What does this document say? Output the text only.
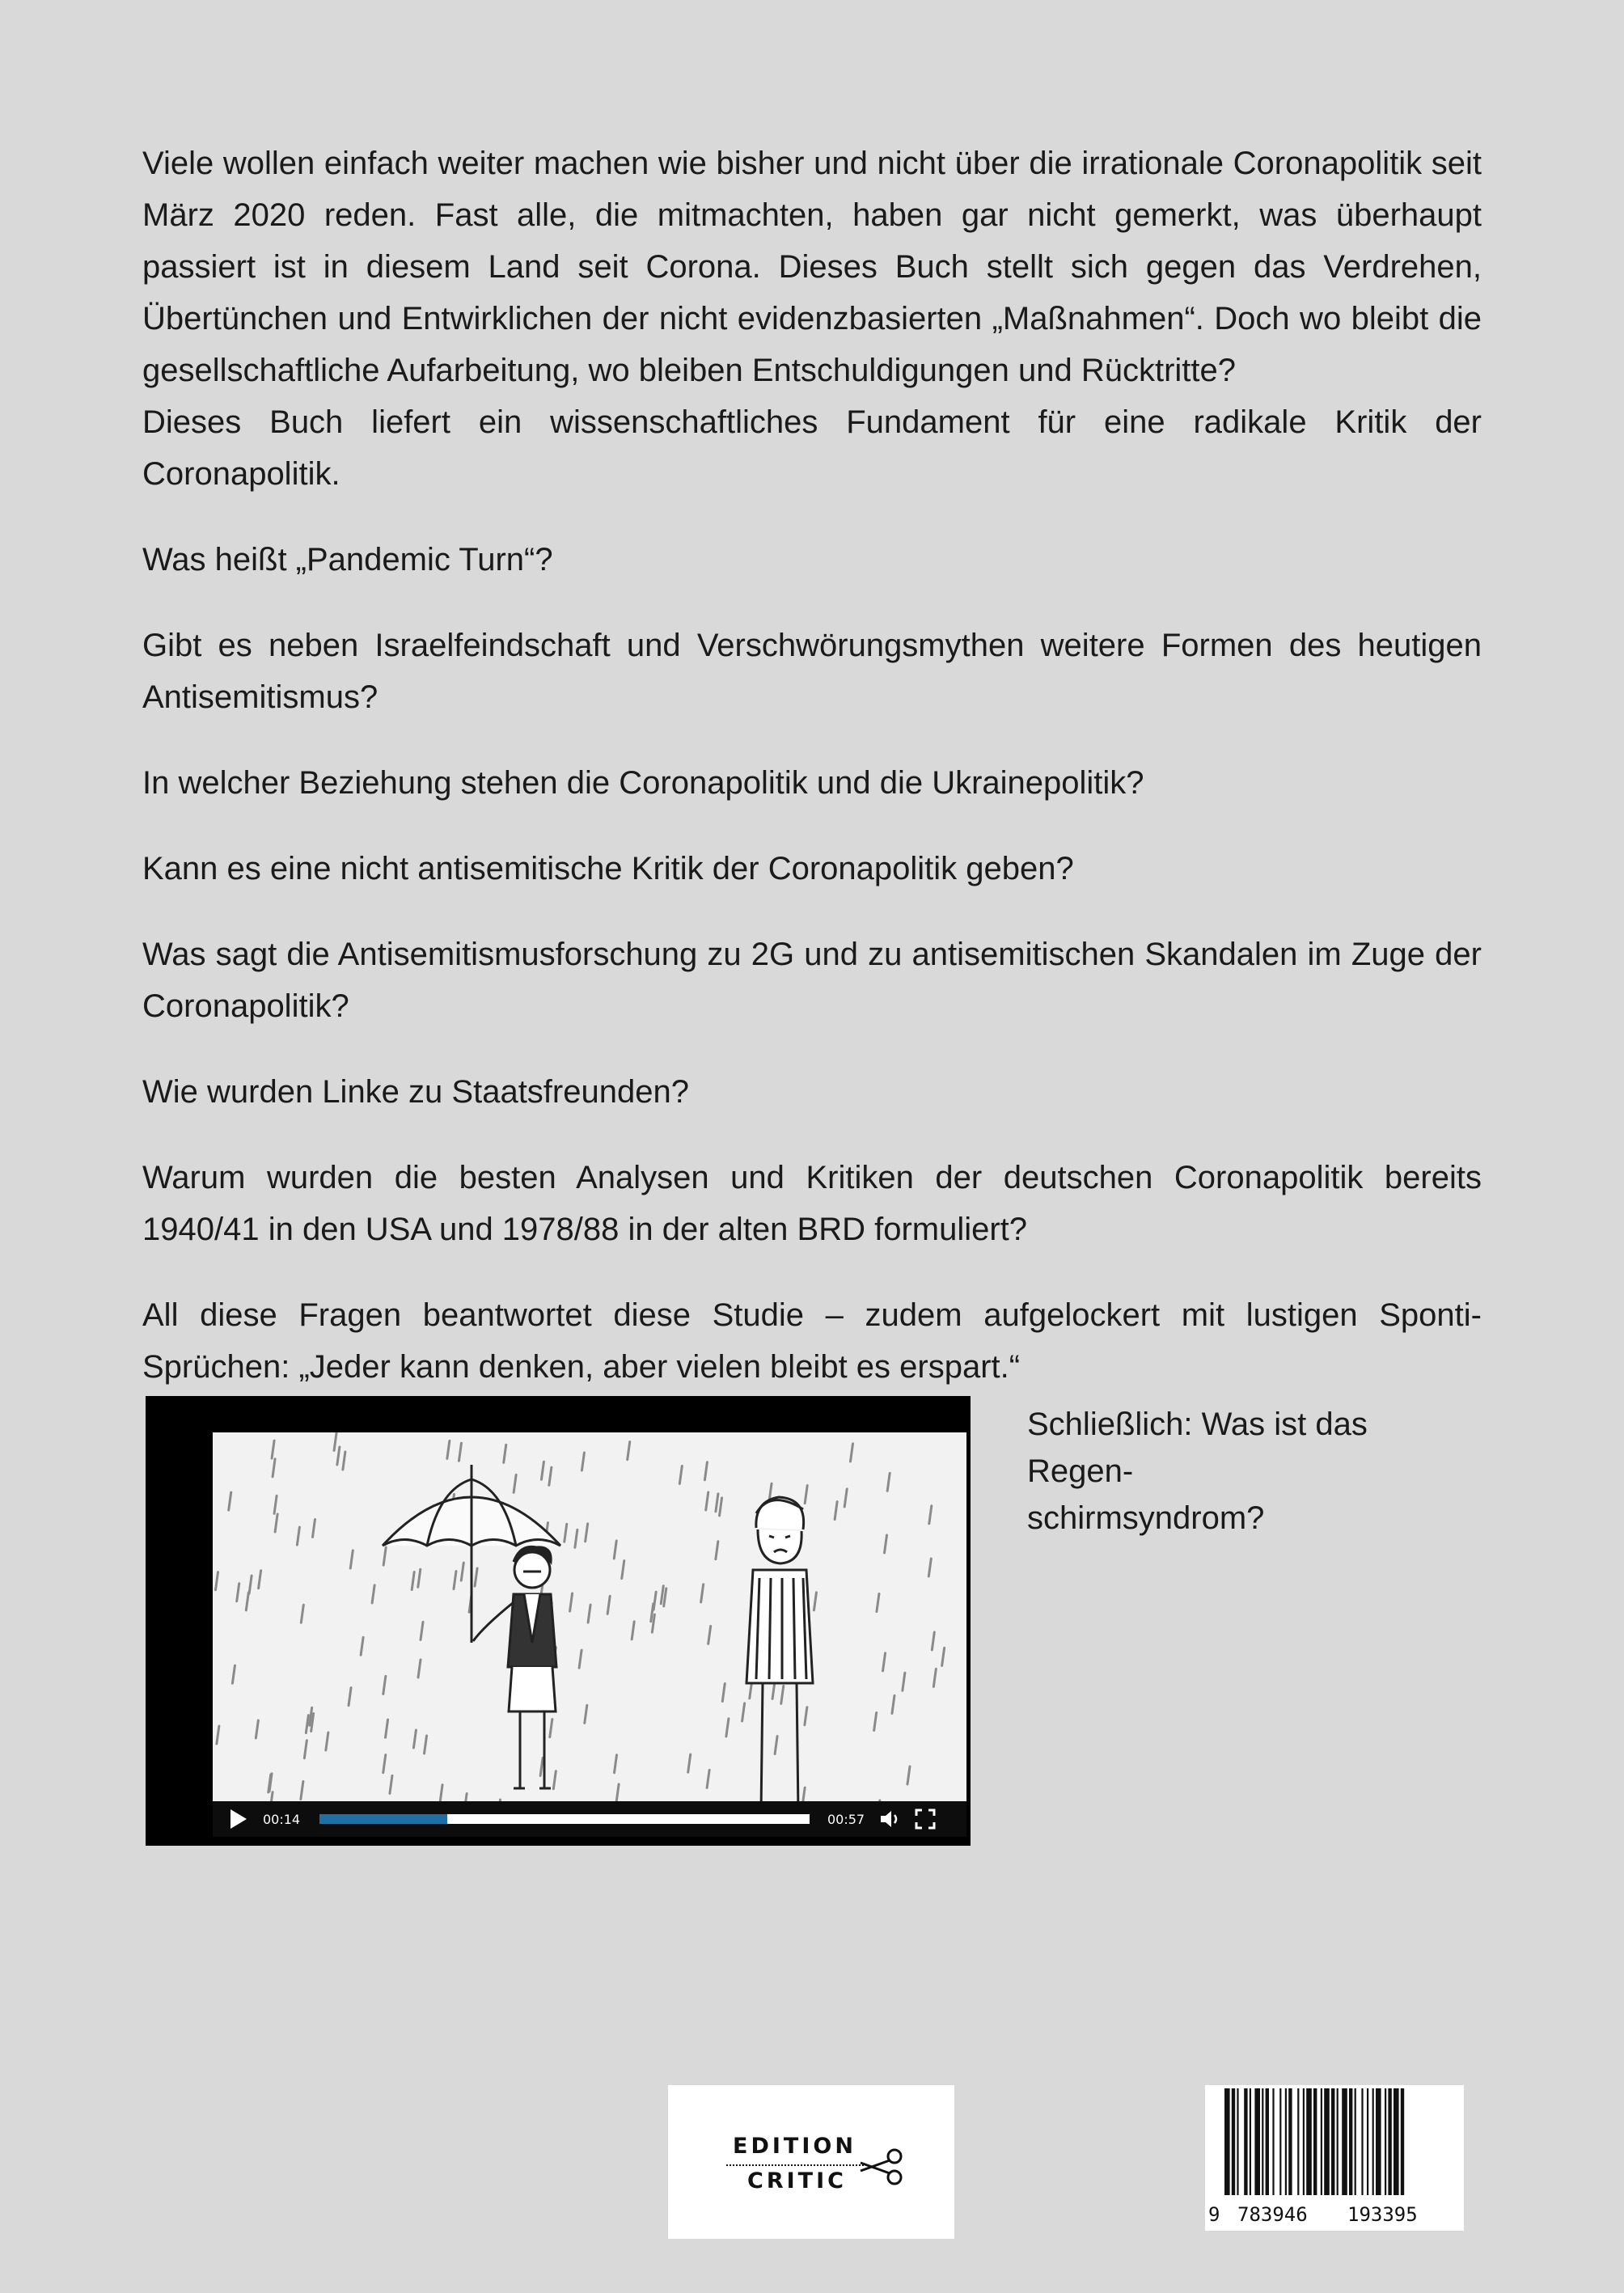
Viele wollen einfach weiter machen wie bisher und nicht über die irrationale Coronapolitik seit März 2020 reden. Fast alle, die mitmachten, haben gar nicht gemerkt, was überhaupt passiert ist in diesem Land seit Corona. Dieses Buch stellt sich gegen das Verdrehen, Übertünchen und Entwirklichen der nicht evidenzbasierten „Maßnahmen“. Doch wo bleibt die gesellschaftliche Aufarbeitung, wo bleiben Entschuldigungen und Rücktritte?

Dieses Buch liefert ein wissenschaftliches Fundament für eine radikale Kritik der Coronapolitik.

Was heißt „Pandemic Turn“?

Gibt es neben Israelfeindschaft und Verschwörungsmythen weitere Formen des heutigen Antisemitismus?

In welcher Beziehung stehen die Coronapolitik und die Ukrainepolitik?

Kann es eine nicht antisemitische Kritik der Coronapolitik geben?

Was sagt die Antisemitismusforschung zu 2G und zu antisemitischen Skandalen im Zuge der Coronapolitik?

Wie wurden Linke zu Staatsfreunden?

Warum wurden die besten Analysen und Kritiken der deutschen Coronapolitik bereits 1940/41 in den USA und 1978/88 in der alten BRD formuliert?

All diese Fragen beantwortet diese Studie – zudem aufgelockert mit lustigen Sponti-Sprüchen: „Jeder kann denken, aber vielen bleibt es erspart.“

00:14	00:57
Schließlich: Was ist das Regen-
schirmsyndrom?
EDITION
CRITIC
9 783946 193395
